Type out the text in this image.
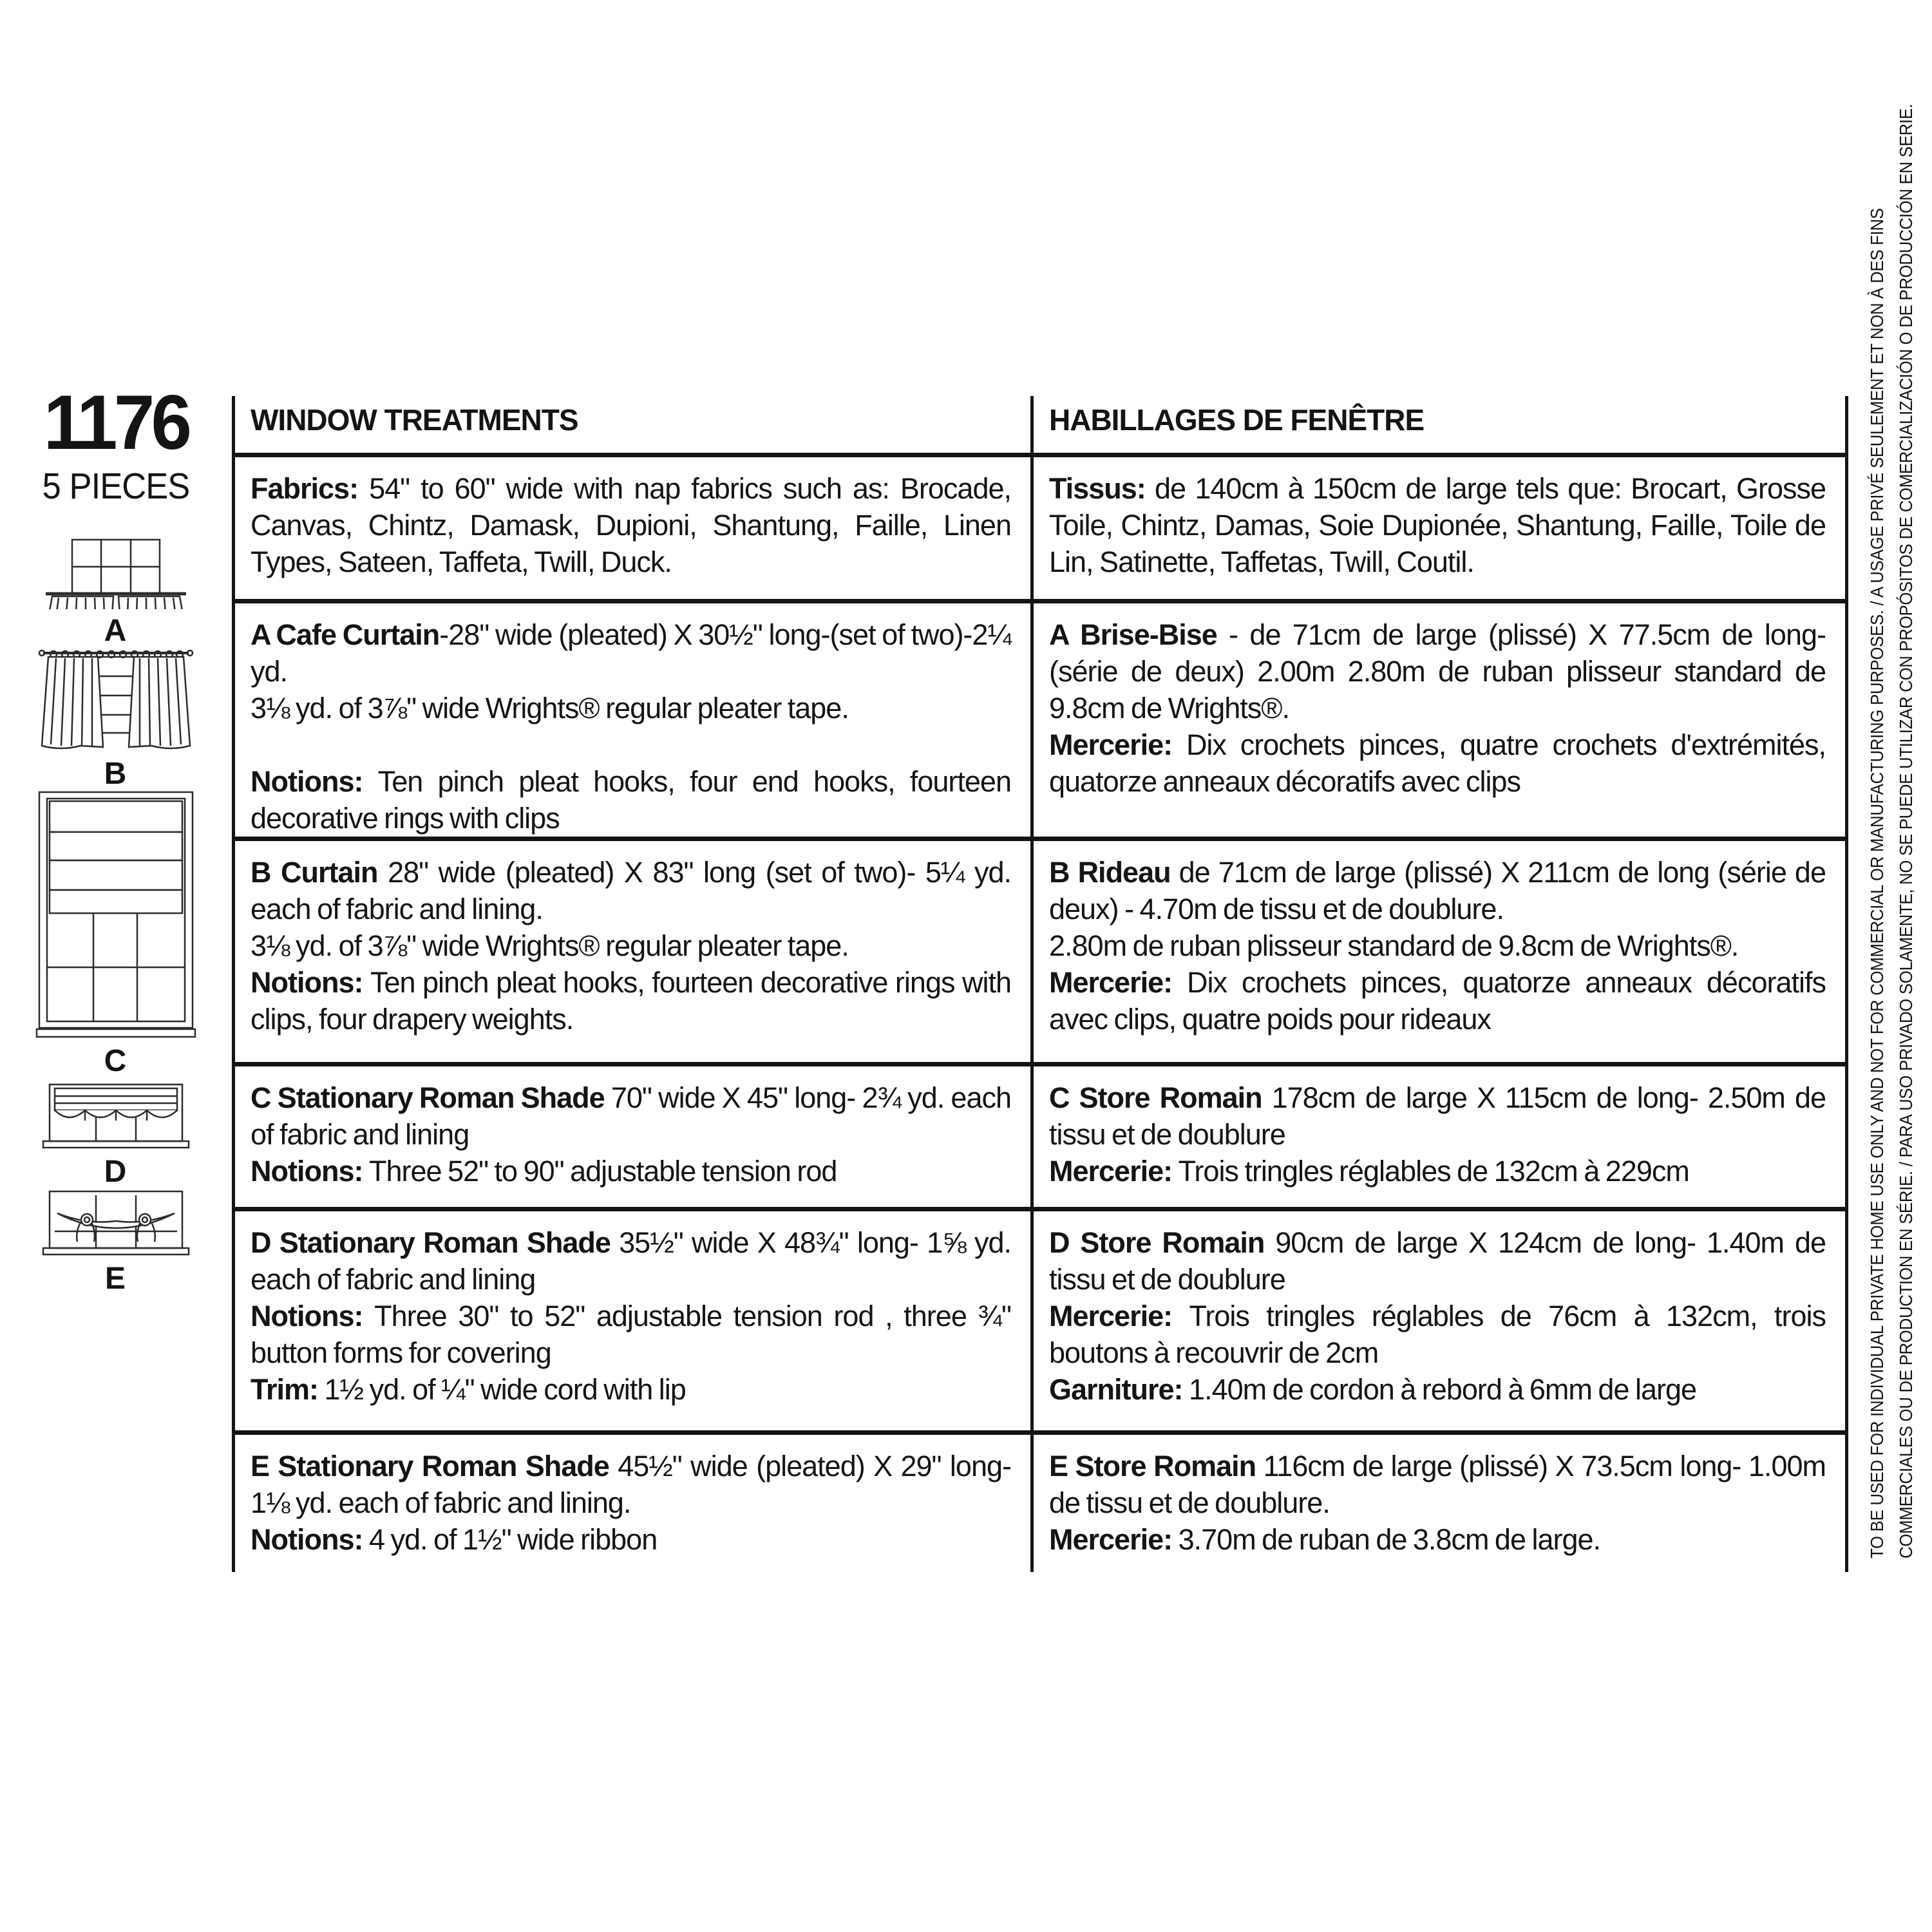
1176
5 PIECES
A
B
C
D
E
WINDOW TREATMENTS	HABILLAGES DE FENÊTRE

Fabrics: 54" to 60" wide with nap fabrics such as: Brocade, Canvas, Chintz, Damask, Dupioni, Shantung, Faille, Linen Types, Sateen, Taffeta, Twill, Duck.

Tissus: de 140cm à 150cm de large tels que: Brocart, Grosse Toile, Chintz, Damas, Soie Dupionée, Shantung, Faille, Toile de Lin, Satinette, Taffetas, Twill, Coutil.

A Cafe Curtain-28" wide (pleated) X 30½" long-(set of two)-2¼ yd.

3⅛ yd. of 3⅞" wide Wrights® regular pleater tape.

Notions: Ten pinch pleat hooks, four end hooks, fourteen decorative rings with clips

A Brise-Bise - de 71cm de large (plissé) X 77.5cm de long- (série de deux) 2.00m 2.80m de ruban plisseur standard de 9.8cm de Wrights®.

Mercerie: Dix crochets pinces, quatre crochets d'extrémités, quatorze anneaux décoratifs avec clips

B Curtain 28" wide (pleated) X 83" long (set of two)- 5¼ yd. each of fabric and lining.

3⅛ yd. of 3⅞" wide Wrights® regular pleater tape.

Notions: Ten pinch pleat hooks, fourteen decorative rings with clips, four drapery weights.

B Rideau de 71cm de large (plissé) X 211cm de long (série de deux) - 4.70m de tissu et de doublure.

2.80m de ruban plisseur standard de 9.8cm de Wrights®.

Mercerie: Dix crochets pinces, quatorze anneaux décoratifs avec clips, quatre poids pour rideaux

C Stationary Roman Shade 70" wide X 45" long- 2¾ yd. each of fabric and lining

Notions: Three 52" to 90" adjustable tension rod

C Store Romain 178cm de large X 115cm de long- 2.50m de tissu et de doublure

Mercerie: Trois tringles réglables de 132cm à 229cm

D Stationary Roman Shade 35½" wide X 48¾" long- 1⅝ yd. each of fabric and lining

Notions: Three 30" to 52" adjustable tension rod , three ¾" button forms for covering

Trim: 1½ yd. of ¼" wide cord with lip

D Store Romain 90cm de large X 124cm de long- 1.40m de tissu et de doublure

Mercerie: Trois tringles réglables de 76cm à 132cm, trois boutons à recouvrir de 2cm

Garniture: 1.40m de cordon à rebord à 6mm de large

E Stationary Roman Shade 45½" wide (pleated) X 29" long- 1⅛ yd. each of fabric and lining.

Notions: 4 yd. of 1½" wide ribbon

E Store Romain 116cm de large (plissé) X 73.5cm long- 1.00m de tissu et de doublure.

Mercerie: 3.70m de ruban de 3.8cm de large.	TO BE USED FOR INDIVIDUAL PRIVATE HOME USE ONLY AND NOT FOR COMMERCIAL OR MANUFACTURING PURPOSES. / A USAGE PRIVÉ SEULEMENT ET NON À DES FINS COMMERCIALES OU DE PRODUCTION EN SÉRIE. / PARA USO PRIVADO SOLAMENTE, NO SE PUEDE UTILIZAR CON PROPÓSITOS DE COMERCIALIZACIÓN O DE PRODUCCIÓN EN SERIE.
